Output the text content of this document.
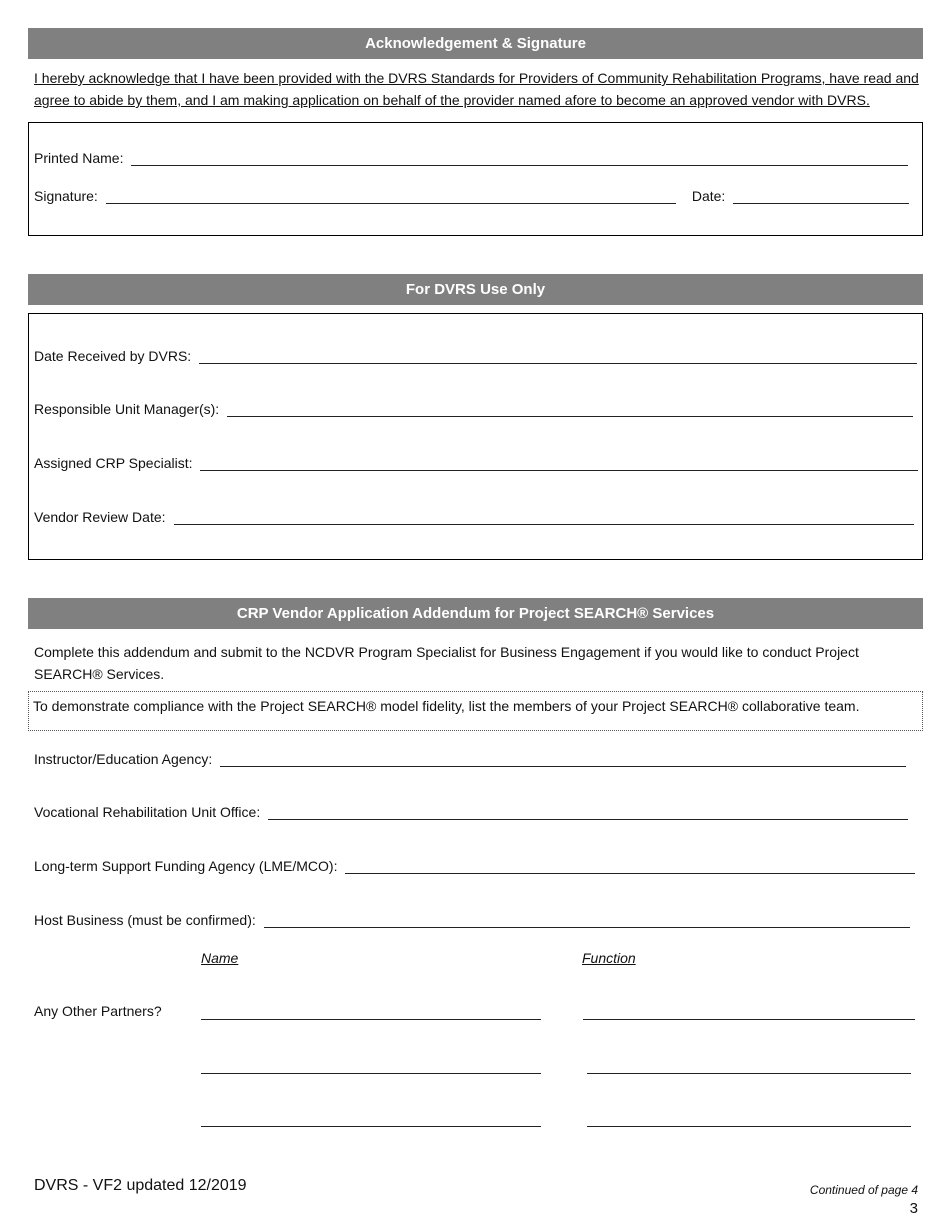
Acknowledgement & Signature
I hereby acknowledge that I have been provided with the DVRS Standards for Providers of Community Rehabilitation Programs, have read and agree to abide by them, and I am making application on behalf of the provider named afore to become an approved vendor with DVRS.
Printed Name:
Signature:	Date:
For DVRS Use Only
Date Received by DVRS:
Responsible Unit Manager(s):
Assigned CRP Specialist:
Vendor Review Date:
CRP Vendor Application Addendum for Project SEARCH® Services
Complete this addendum and submit to the NCDVR Program Specialist for Business Engagement if you would like to conduct Project SEARCH® Services.
To demonstrate compliance with the Project SEARCH® model fidelity, list the members of your Project SEARCH® collaborative team.
Instructor/Education Agency:
Vocational Rehabilitation Unit Office:
Long-term Support Funding Agency (LME/MCO):
Host Business (must be confirmed):
Name	Function
Any Other Partners?
DVRS - VF2 updated 12/2019	Continued of page 4
3
